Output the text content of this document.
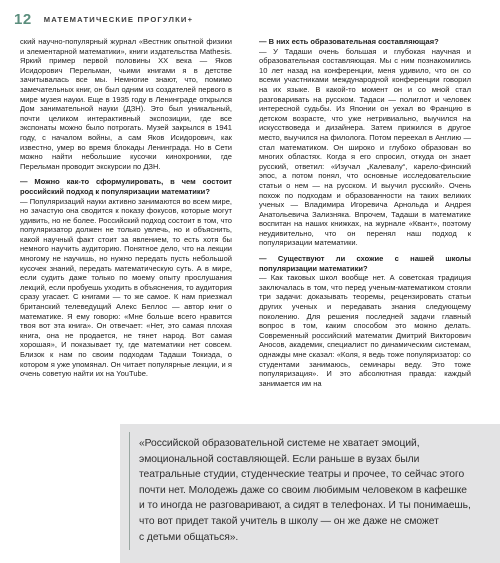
12 МАТЕМАТИЧЕСКИЕ ПРОГУЛКИ+

ский научно-популярный журнал «Вестник опытной физики и элементарной математики», книги издательства Mathesis. Яркий пример первой половины XX века — Яков Исидорович Перельман, чьими книгами я в детстве зачитывалась все мы. Немногие знают, что, помимо замечательных книг, он был одним из создателей первого в мире музея науки. Еще в 1935 году в Ленинграде открылся Дом занимательной науки (ДЗН). Это был уникальный, почти целиком интерактивный экспозиции, где все экспонаты можно было потрогать. Музей закрылся в 1941 году, с началом войны, а сам Яков Исидорович, как известно, умер во время блокады Ленинграда. Но в Сети можно найти небольшие кусочки кинохроники, где Перельман проводит экскурсии по ДЗН.

— Можно как-то сформулировать, в чем состоит российский подход к популяризации математики?

— Популяризаций науки активно занимаются во всем мире, но зачастую она сводится к показу фокусов, которые могут удивить, но не более. Российский подход состоит в том, что популяризатор должен не только увлечь, но и объяснить, какой научный факт стоит за явлением, то есть хотя бы немного научить аудиторию. Понятное дело, что на лекции многому не научишь, но нужно передать пусть небольшой кусочек знаний, передать математическую суть. А в мире, если судить даже только по моему опыту прослушания лекций, если пробуешь уходить в объяснения, то аудитория сразу угасает. С книгами — то же самое. К нам приезжал британский телеведущий Алекс Беллос — автор книг о математике. Я ему говорю: «Мне больше всего нравится твоя вот эта книга». Он отвечает: «Нет, это самая плохая книга, она не продается, не тянет народ. Вот самая хорошая», И показывает ту, где математики нет совсем. Близок к нам по своим подходам Тадаши Токиэда, о котором я уже упомянал. Он читает популярные лекции, и я очень советую найти их на YouTube.

— В них есть образовательная составляющая?

— У Тадаши очень большая и глубокая научная и образовательная составляющая. Мы с ним познакомились 10 лет назад на конференции, меня удивило, что он со всеми участниками международной конференции говорил на их языке. В какой-то момент он и со мной стал разговаривать на русском. Тадаси — полиглот и человек интересной судьбы. Из Японии он уехал во Францию в детском возрасте, что уже нетривиально, выучился на искусствоведа и дизайнера. Затем прижился в другое место, выучился на филолога. Потом переехал в Англию — стал математиком. Он широко и глубоко образован во многих областях. Когда я его спросил, откуда он знает русский, ответил: «Изучал „Калевалу“, карело-финский эпос, а потом понял, что основные исследовательские статьи о нем — на русском. И выучил русский». Очень похож по подходам и образованности на таких великих ученых — Владимира Игоревича Арнольда и Андрея Анатольевича Зализняка. Впрочем, Тадаши в математике воспитан на наших книжках, на журнале «Квант», поэтому неудивительно, что он перенял наш подход к популяризации математики.

— Существуют ли схожие с нашей школы популяризации математики?

— Как таковых школ вообще нет. А советская традиция заключалась в том, что перед ученым-математиком стояли три задачи: доказывать теоремы, рецензировать статьи других ученых и передавать знания следующему поколению. Для решения последней задачи главный вопрос в том, каким способом это можно делать. Современный российский математик Дмитрий Викторович Аносов, академик, специалист по динамическим системам, однажды мне сказал: «Коля, я ведь тоже популяризатор: со студентами занимаюсь, семинары веду. Это тоже популяризация». И это абсолютная правда: каждый занимается им на

«Российской образовательной системе не хватает эмоций,
эмоциональной составляющей. Если раньше в вузах были
театральные студии, студенческие театры и прочее, то сейчас этого
почти нет. Молодежь даже со своим любимым человеком в кафешке
и то иногда не разговаривают, а сидят в телефонах. И ты понимаешь,
что вот придет такой учитель в школу — он же даже не сможет
с детьми общаться».
